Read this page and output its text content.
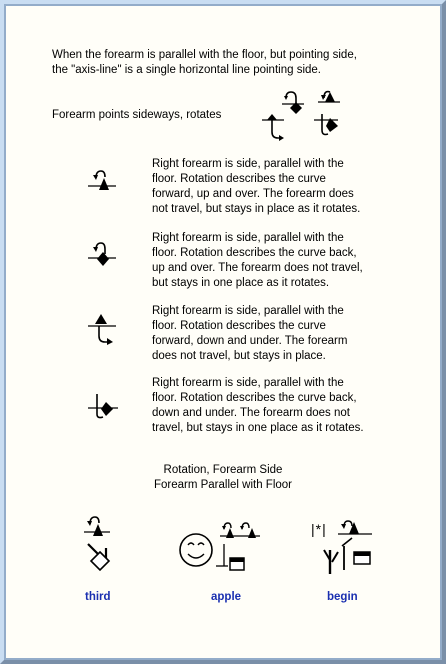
When the forearm is parallel with the floor, but pointing side,
the "axis-line" is a single horizontal line pointing side.
Forearm points sideways, rotates
Right forearm is side, parallel with the
floor. Rotation describes the curve
forward, up and over. The forearm does
not travel, but stays in place as it rotates.
Right forearm is side, parallel with the
floor. Rotation describes the curve back,
up and over. The forearm does not travel,
but stays in one place as it rotates.
Right forearm is side, parallel with the
floor. Rotation describes the curve
forward, down and under. The forearm
does not travel, but stays in place.
Right forearm is side, parallel with the
floor. Rotation describes the curve back,
down and under. The forearm does not
travel, but stays in one place as it rotates.
Rotation, Forearm Side
Forearm Parallel with Floor
third	apple
|*|
begin
